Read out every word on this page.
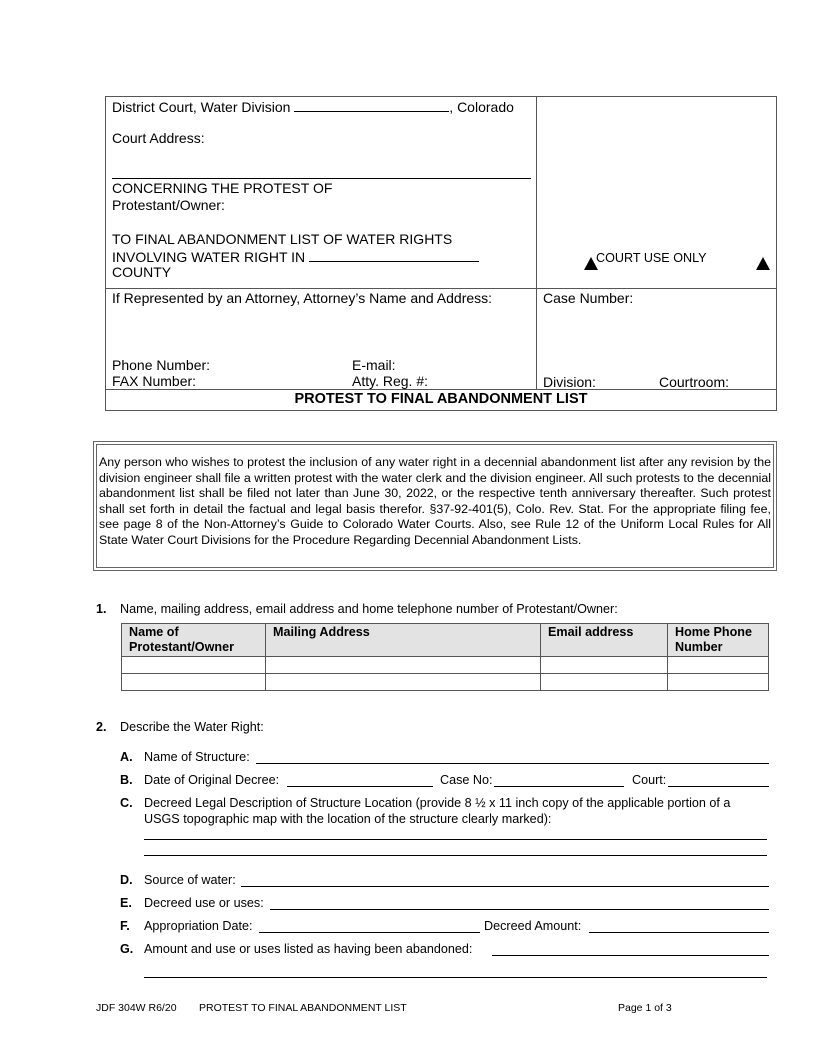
District Court, Water Division	, Colorado
Court Address:
CONCERNING THE PROTEST OF
Protestant/Owner:
TO FINAL ABANDONMENT LIST OF WATER RIGHTS
INVOLVING WATER RIGHT IN
COUNTY
COURT USE ONLY
If Represented by an Attorney, Attorney’s Name and Address:
Phone Number:	E-mail:
FAX Number:	Atty. Reg. #:
Case Number:
Division:	Courtroom:
PROTEST TO FINAL ABANDONMENT LIST
Any person who wishes to protest the inclusion of any water right in a decennial abandonment list after any revision by the division engineer shall file a written protest with the water clerk and the division engineer. All such protests to the decennial abandonment list shall be filed not later than June 30, 2022, or the respective tenth anniversary thereafter. Such protest shall set forth in detail the factual and legal basis therefor. §37-92-401(5), Colo. Rev. Stat. For the appropriate filing fee, see page 8 of the Non-Attorney’s Guide to Colorado Water Courts. Also, see Rule 12 of the Uniform Local Rules for All State Water Court Divisions for the Procedure Regarding Decennial Abandonment Lists.
1. Name, mailing address, email address and home telephone number of Protestant/Owner:
Name of Protestant/Owner	Mailing Address	Email address	Home Phone Number

2. Describe the Water Right:
A. Name of Structure:
B. Date of Original Decree:	Case No:	Court:
C. Decreed Legal Description of Structure Location (provide 8 ½ x 11 inch copy of the applicable portion of a
USGS topographic map with the location of the structure clearly marked):
D. Source of water:
E. Decreed use or uses:
F. Appropriation Date:	Decreed Amount:
G. Amount and use or uses listed as having been abandoned:
JDF 304W R6/20 PROTEST TO FINAL ABANDONMENT LIST	Page 1 of 3
